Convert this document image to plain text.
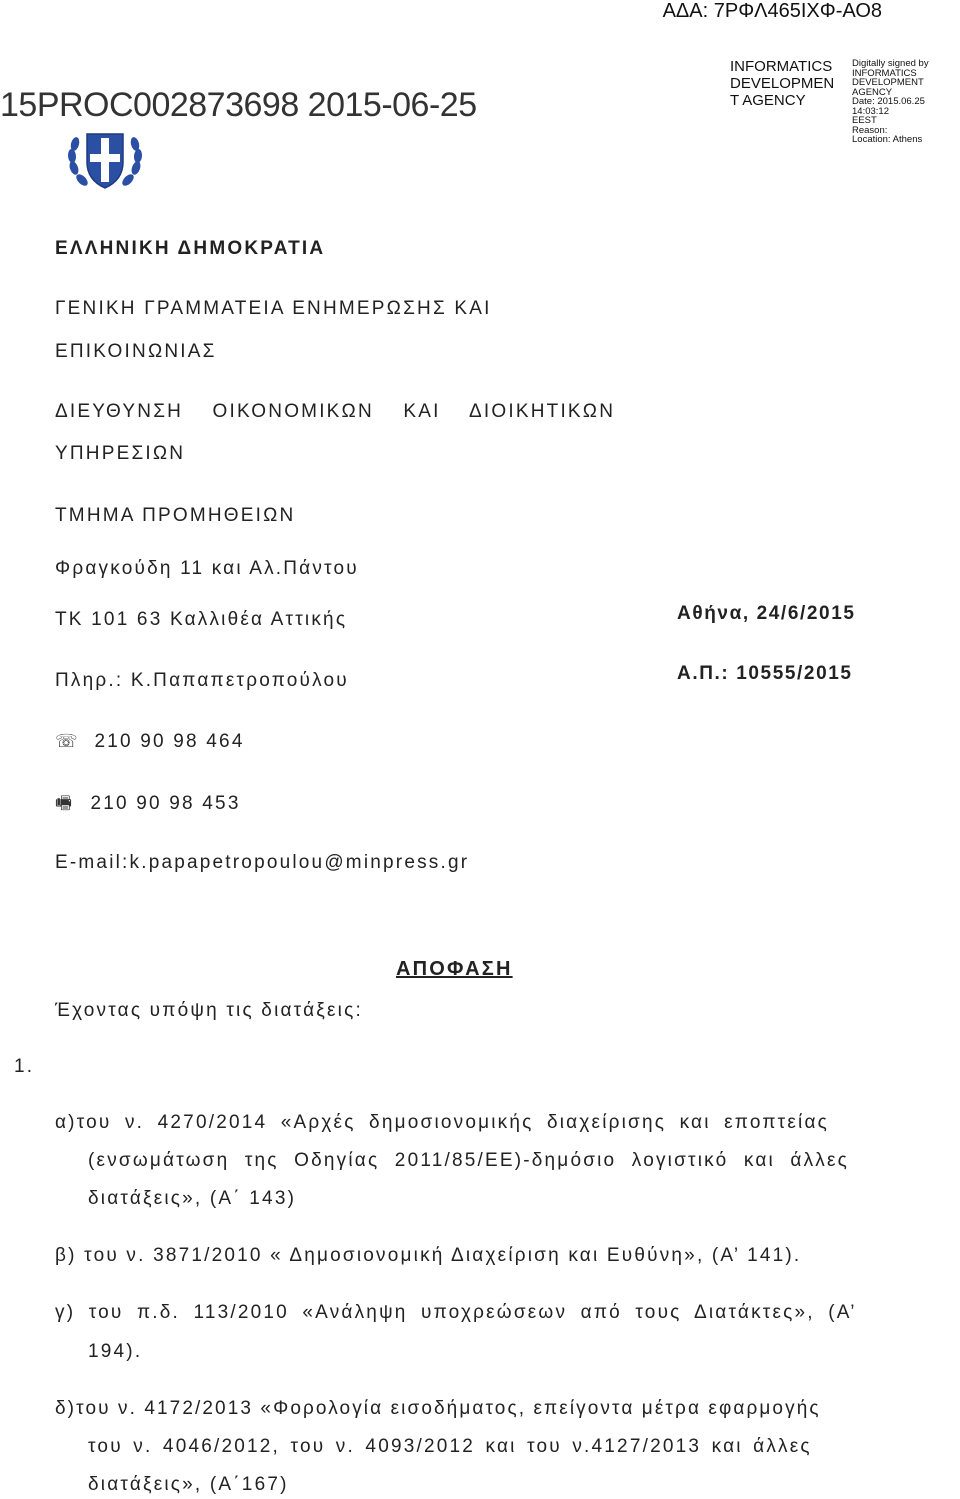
ΑΔΑ: 7ΡΦΛ465ΙΧΦ-ΑΟ8
15PROC002873698 2015-06-25
INFORMATICS
DEVELOPMEN
T AGENCY
Digitally signed by
INFORMATICS
DEVELOPMENT AGENCY
Date: 2015.06.25 14:03:12
EEST
Reason:
Location: Athens
ΕΛΛΗΝΙΚΗ ΔΗΜΟΚΡΑΤΙΑ
ΓΕΝΙΚΗ ΓΡΑΜΜΑΤΕΙΑ ΕΝΗΜΕΡΩΣΗΣ ΚΑΙ
ΕΠΙΚΟΙΝΩΝΙΑΣ
ΔΙΕΥΘΥΝΣΗ ΟΙΚΟΝΟΜΙΚΩΝ ΚΑΙ ΔΙΟΙΚΗΤΙΚΩΝ
ΥΠΗΡΕΣΙΩΝ
ΤΜΗΜΑ ΠΡΟΜΗΘΕΙΩΝ
Φραγκούδη 11 και Αλ.Πάντου
ΤΚ 101 63 Καλλιθέα Αττικής
Πληρ.: Κ.Παπαπετροπούλου
Αθήνα, 24/6/2015
Α.Π.: 10555/2015
☏ 210 90 98 464
🖷 210 90 98 453
E-mail:k.papapetropoulou@minpress.gr
ΑΠΟΦΑΣΗ
Έχοντας υπόψη τις διατάξεις:
1.
α)του ν. 4270/2014 «Αρχές δημοσιονομικής διαχείρισης και εποπτείας
(ενσωμάτωση της Οδηγίας 2011/85/ΕΕ)-δημόσιο λογιστικό και άλλες
διατάξεις», (Α΄ 143)
β) του ν. 3871/2010 « Δημοσιονομική Διαχείριση και Ευθύνη», (Α’ 141).
γ) του π.δ. 113/2010 «Ανάληψη υποχρεώσεων από τους Διατάκτες», (Α’
194).
δ)του ν. 4172/2013 «Φορολογία εισοδήματος, επείγοντα μέτρα εφαρμογής
του ν. 4046/2012, του ν. 4093/2012 και του ν.4127/2013 και άλλες
διατάξεις», (Α΄167)
